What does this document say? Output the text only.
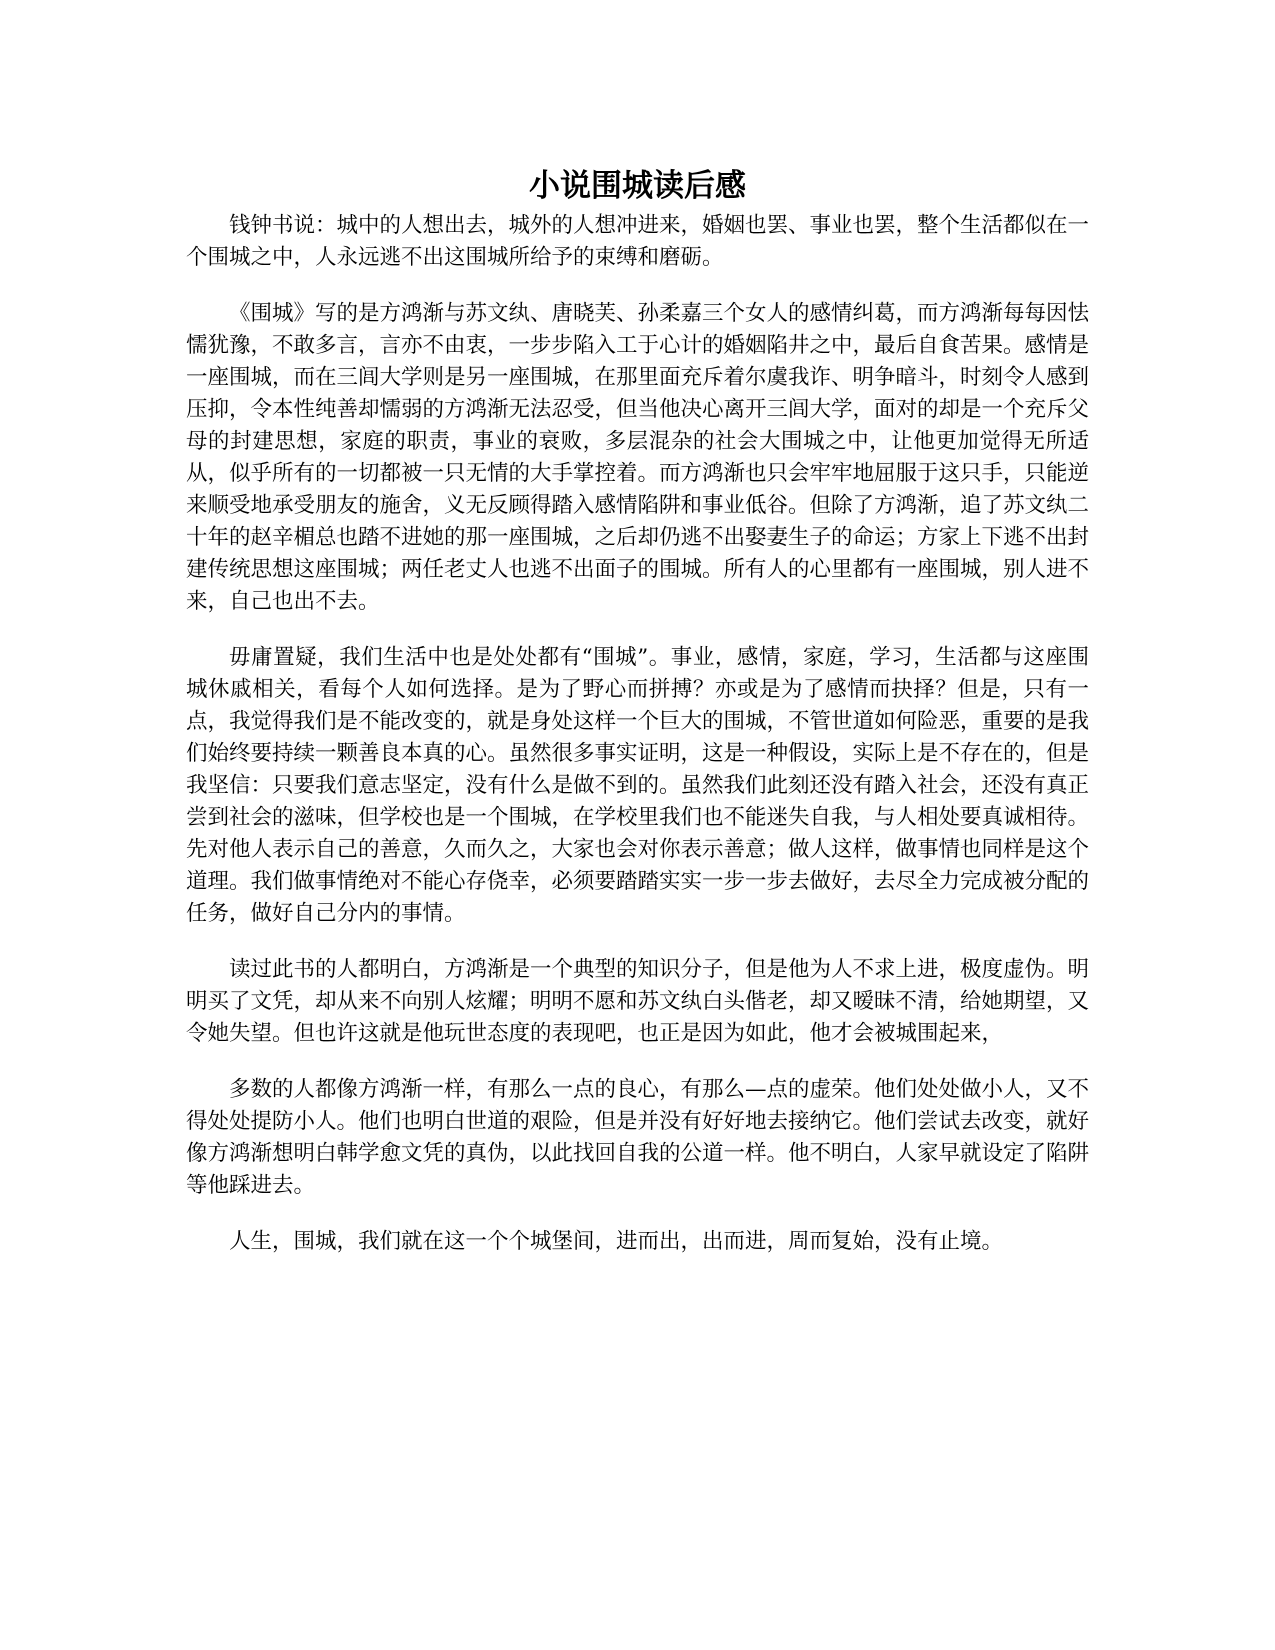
小说围城读后感

钱钟书说：城中的人想出去，城外的人想冲进来，婚姻也罢、事业也罢，整个生活都似在一个围城之中，人永远逃不出这围城所给予的束缚和磨砺。

《围城》写的是方鸿渐与苏文纨、唐晓芙、孙柔嘉三个女人的感情纠葛，而方鸿渐每每因怯懦犹豫，不敢多言，言亦不由衷，一步步陷入工于心计的婚姻陷井之中，最后自食苦果。感情是一座围城，而在三闾大学则是另一座围城，在那里面充斥着尔虞我诈、明争暗斗，时刻令人感到压抑，令本性纯善却懦弱的方鸿渐无法忍受，但当他决心离开三闾大学，面对的却是一个充斥父母的封建思想，家庭的职责，事业的衰败，多层混杂的社会大围城之中，让他更加觉得无所适从，似乎所有的一切都被一只无情的大手掌控着。而方鸿渐也只会牢牢地屈服于这只手，只能逆来顺受地承受朋友的施舍，义无反顾得踏入感情陷阱和事业低谷。但除了方鸿渐，追了苏文纨二十年的赵辛楣总也踏不进她的那一座围城，之后却仍逃不出娶妻生子的命运；方家上下逃不出封建传统思想这座围城；两任老丈人也逃不出面子的围城。所有人的心里都有一座围城，别人进不来，自己也出不去。

毋庸置疑，我们生活中也是处处都有“围城”。事业，感情，家庭，学习，生活都与这座围城休戚相关，看每个人如何选择。是为了野心而拼搏？亦或是为了感情而抉择？但是，只有一点，我觉得我们是不能改变的，就是身处这样一个巨大的围城，不管世道如何险恶，重要的是我们始终要持续一颗善良本真的心。虽然很多事实证明，这是一种假设，实际上是不存在的，但是我坚信：只要我们意志坚定，没有什么是做不到的。虽然我们此刻还没有踏入社会，还没有真正尝到社会的滋味，但学校也是一个围城，在学校里我们也不能迷失自我，与人相处要真诚相待。先对他人表示自己的善意，久而久之，大家也会对你表示善意；做人这样，做事情也同样是这个道理。我们做事情绝对不能心存侥幸，必须要踏踏实实一步一步去做好，去尽全力完成被分配的任务，做好自己分内的事情。

读过此书的人都明白，方鸿渐是一个典型的知识分子，但是他为人不求上进，极度虚伪。明明买了文凭，却从来不向别人炫耀；明明不愿和苏文纨白头偕老，却又暧昧不清，给她期望，又令她失望。但也许这就是他玩世态度的表现吧，也正是因为如此，他才会被城围起来，

多数的人都像方鸿渐一样，有那么一点的良心，有那么—点的虚荣。他们处处做小人，又不得处处提防小人。他们也明白世道的艰险，但是并没有好好地去接纳它。他们尝试去改变，就好像方鸿渐想明白韩学愈文凭的真伪，以此找回自我的公道一样。他不明白，人家早就设定了陷阱等他踩进去。

人生，围城，我们就在这一个个城堡间，进而出，出而进，周而复始，没有止境。
